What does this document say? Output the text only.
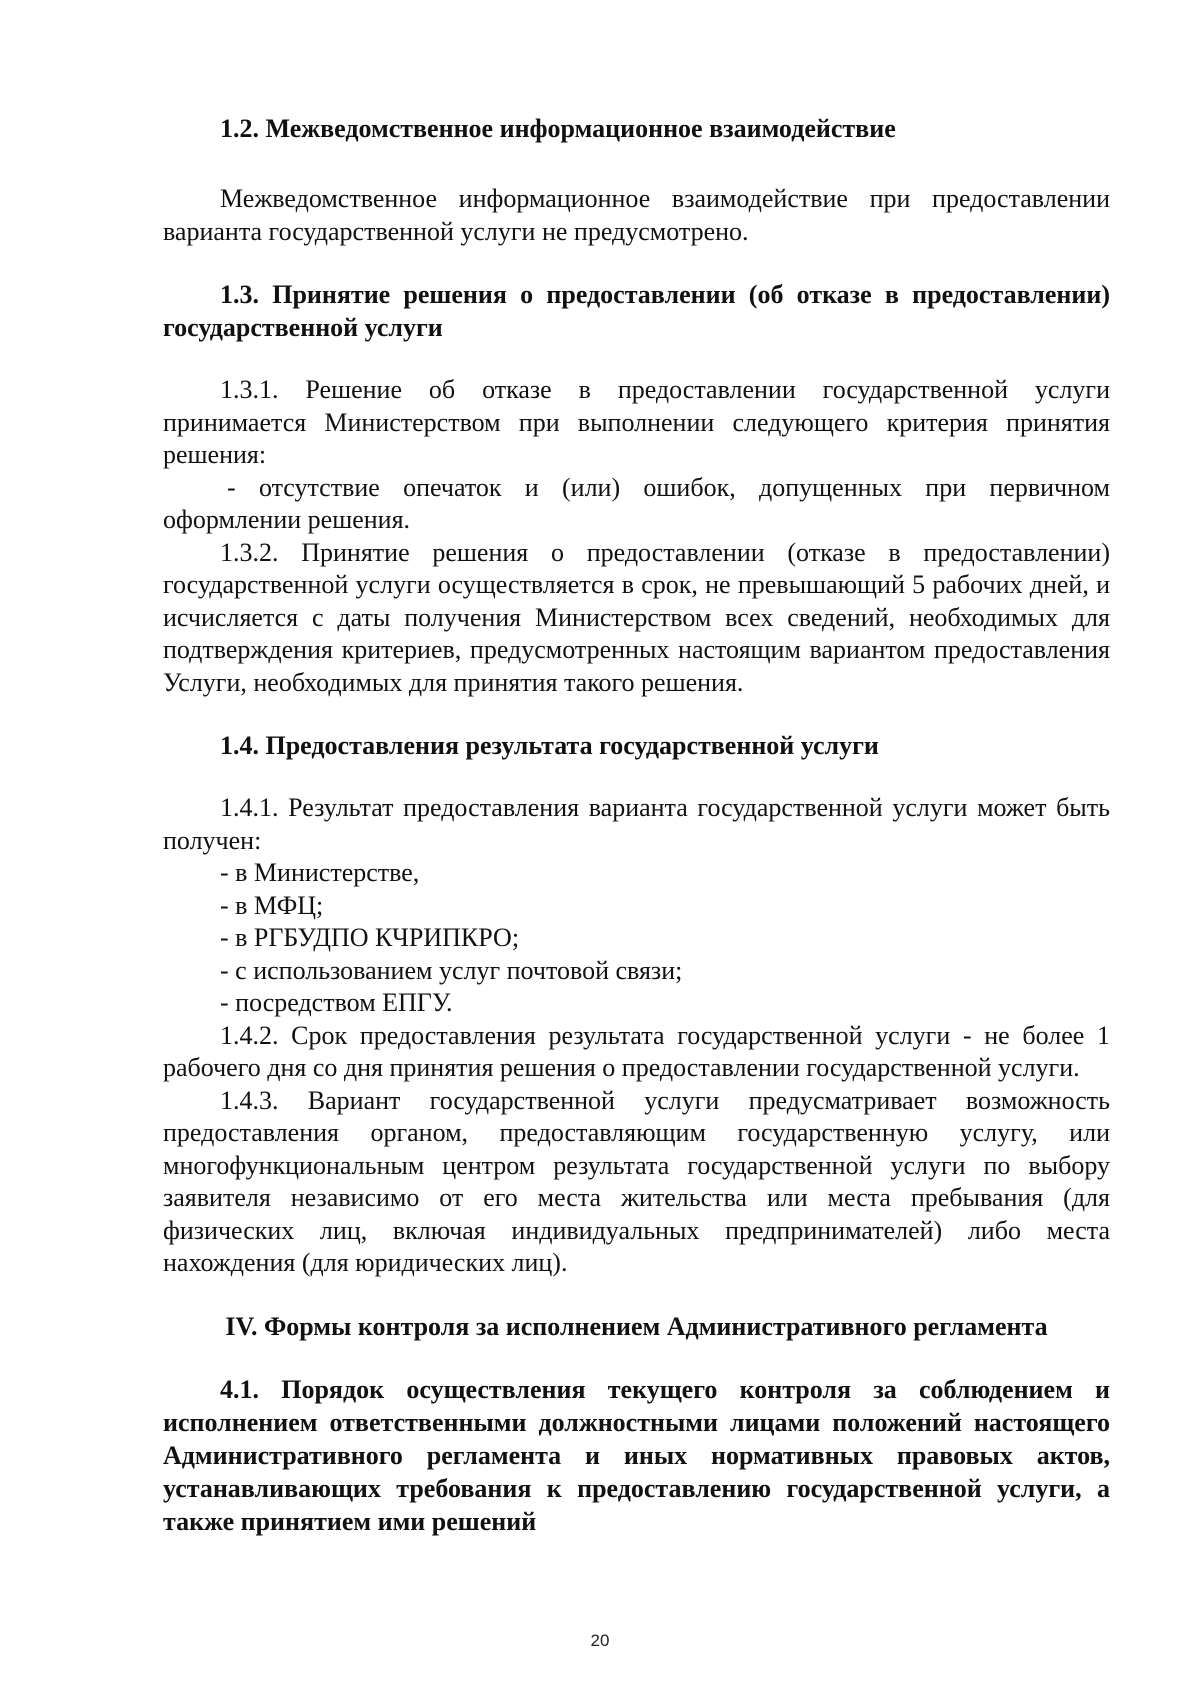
1.2. Межведомственное информационное взаимодействие

Межведомственное информационное взаимодействие при предоставлении варианта государственной услуги не предусмотрено.

1.3. Принятие решения о предоставлении (об отказе в предоставлении) государственной услуги

1.3.1. Решение об отказе в предоставлении государственной услуги принимается Министерством при выполнении следующего критерия принятия решения:

- отсутствие опечаток и (или) ошибок, допущенных при первичном оформлении решения.

1.3.2. Принятие решения о предоставлении (отказе в предоставлении) государственной услуги осуществляется в срок, не превышающий 5 рабочих дней, и исчисляется с даты получения Министерством всех сведений, необходимых для подтверждения критериев, предусмотренных настоящим вариантом предоставления Услуги, необходимых для принятия такого решения.

1.4. Предоставления результата государственной услуги

1.4.1. Результат предоставления варианта государственной услуги может быть получен:

- в Министерстве,

- в МФЦ;

- в РГБУДПО КЧРИПКРО;

- с использованием услуг почтовой связи;

- посредством ЕПГУ.

1.4.2. Срок предоставления результата государственной услуги - не более 1 рабочего дня со дня принятия решения о предоставлении государственной услуги.

1.4.3. Вариант государственной услуги предусматривает возможность предоставления органом, предоставляющим государственную услугу, или многофункциональным центром результата государственной услуги по выбору заявителя независимо от его места жительства или места пребывания (для физических лиц, включая индивидуальных предпринимателей) либо места нахождения (для юридических лиц).

IV. Формы контроля за исполнением Административного регламента

4.1. Порядок осуществления текущего контроля за соблюдением и исполнением ответственными должностными лицами положений настоящего Административного регламента и иных нормативных правовых актов, устанавливающих требования к предоставлению государственной услуги, а также принятием ими решений

20
